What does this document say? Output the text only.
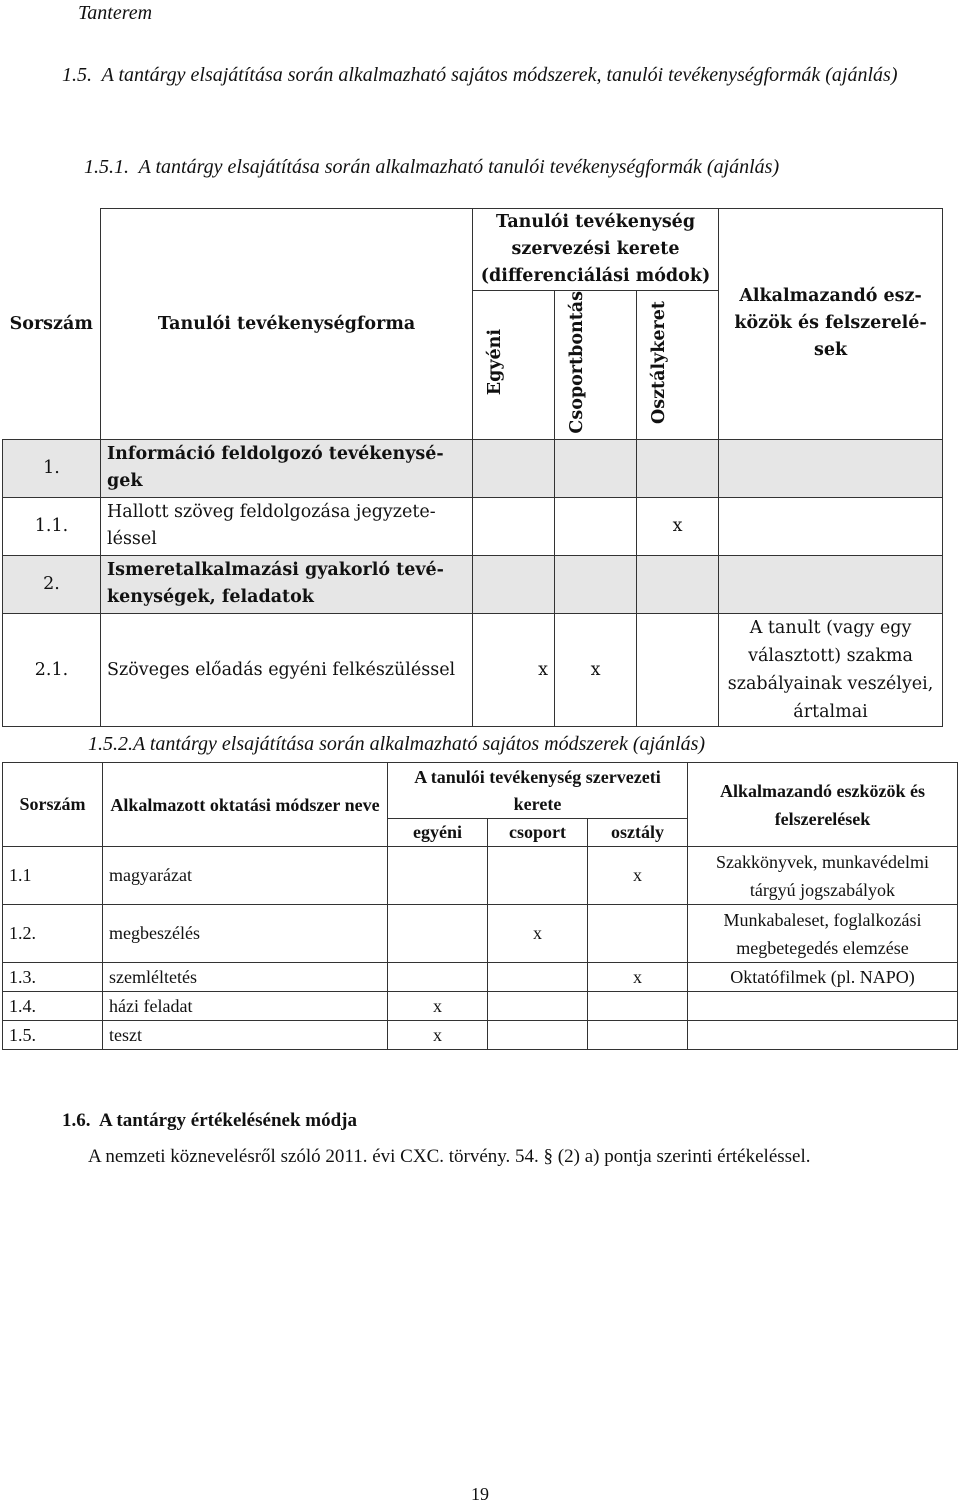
Tanterem
1.5. A tantárgy elsajátítása során alkalmazható sajátos módszerek, tanulói tevékenységformák (ajánlás)
1.5.1. A tantárgy elsajátítása során alkalmazható tanulói tevékenységformák (ajánlás)
Sorszám	Tanulói tevékenységforma	Tanulói tevékenység szervezési kerete (differenciálási módok)			Alkalmazandó eszközök és felszerelések
		Egyéni	Csoportbontás	Osztálykeret	
1.	Információ feldolgozó tevékenységek				
1.1.	Hallott szöveg feldolgozása jegyzeteléssel			x	
2.	Ismeretalkalmazási gyakorló tevékenységek, feladatok				
2.1.	Szöveges előadás egyéni felkészüléssel	x	x		A tanult (vagy egy választott) szakma szabályainak veszélyei, ártalmai
1.5.2.A tantárgy elsajátítása során alkalmazható sajátos módszerek (ajánlás)
Sorszám	Alkalmazott oktatási módszer neve	A tanulói tevékenység szervezeti kerete			Alkalmazandó eszközök és felszerelések
		egyéni	csoport	osztály	
1.1	magyarázat			x	Szakkönyvek, munkavédelmi tárgyú jogszabályok
1.2.	megbeszélés		x		Munkabaleset, foglalkozási megbetegedés elemzése
1.3.	szemléltetés			x	Oktatófilmek (pl. NAPO)
1.4.	házi feladat	x			
1.5.	teszt	x			
1.6. A tantárgy értékelésének módja
A nemzeti köznevelésről szóló 2011. évi CXC. törvény. 54. § (2) a) pontja szerinti értékeléssel.
19
